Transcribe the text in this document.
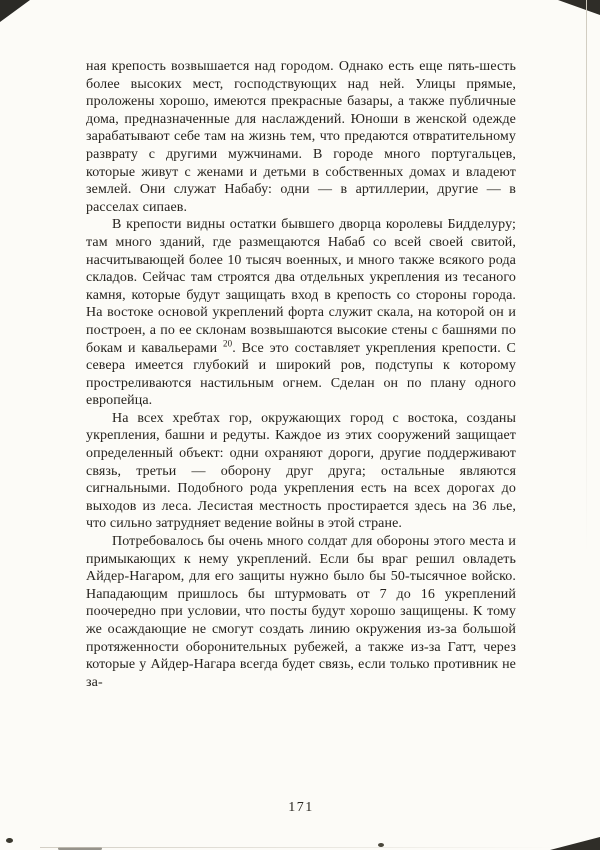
ная крепость возвышается над городом. Однако есть еще пять-шесть более высоких мест, господствующих над ней. Улицы прямые, проложены хорошо, имеются прекрасные базары, а также публичные дома, предназначенные для наслаждений. Юноши в женской одежде зарабатывают себе там на жизнь тем, что предаются отвратительному разврату с другими мужчинами. В городе много португальцев, которые живут с женами и детьми в собственных домах и владеют землей. Они служат Набабу: одни — в артиллерии, другие — в расселах сипаев.

В крепости видны остатки бывшего дворца королевы Бидделуру; там много зданий, где размещаются Набаб со всей своей свитой, насчитывающей более 10 тысяч военных, и много также всякого рода складов. Сейчас там строятся два отдельных укрепления из тесаного камня, которые будут защищать вход в крепость со стороны города. На востоке основой укреплений форта служит скала, на которой он и построен, а по ее склонам возвышаются высокие стены с башнями по бокам и кавальерами $^{20}$. Все это составляет укрепления крепости. С севера имеется глубокий и широкий ров, подступы к которому простреливаются настильным огнем. Сделан он по плану одного европейца.

На всех хребтах гор, окружающих город с востока, созданы укрепления, башни и редуты. Каждое из этих сооружений защищает определенный объект: одни охраняют дороги, другие поддерживают связь, третьи — оборону друг друга; остальные являются сигнальными. Подобного рода укрепления есть на всех дорогах до выходов из леса. Лесистая местность простирается здесь на 36 лье, что сильно затрудняет ведение войны в этой стране.

Потребовалось бы очень много солдат для обороны этого места и примыкающих к нему укреплений. Если бы враг решил овладеть Айдер-Нагаром, для его защиты нужно было бы 50-тысячное войско. Нападающим пришлось бы штурмовать от 7 до 16 укреплений поочередно при условии, что посты будут хорошо защищены. К тому же осаждающие не смогут создать линию окружения из-за большой протяженности оборонительных рубежей, а также из-за Гатт, через которые у Айдер-Нагара всегда будет связь, если только противник не за-

171
